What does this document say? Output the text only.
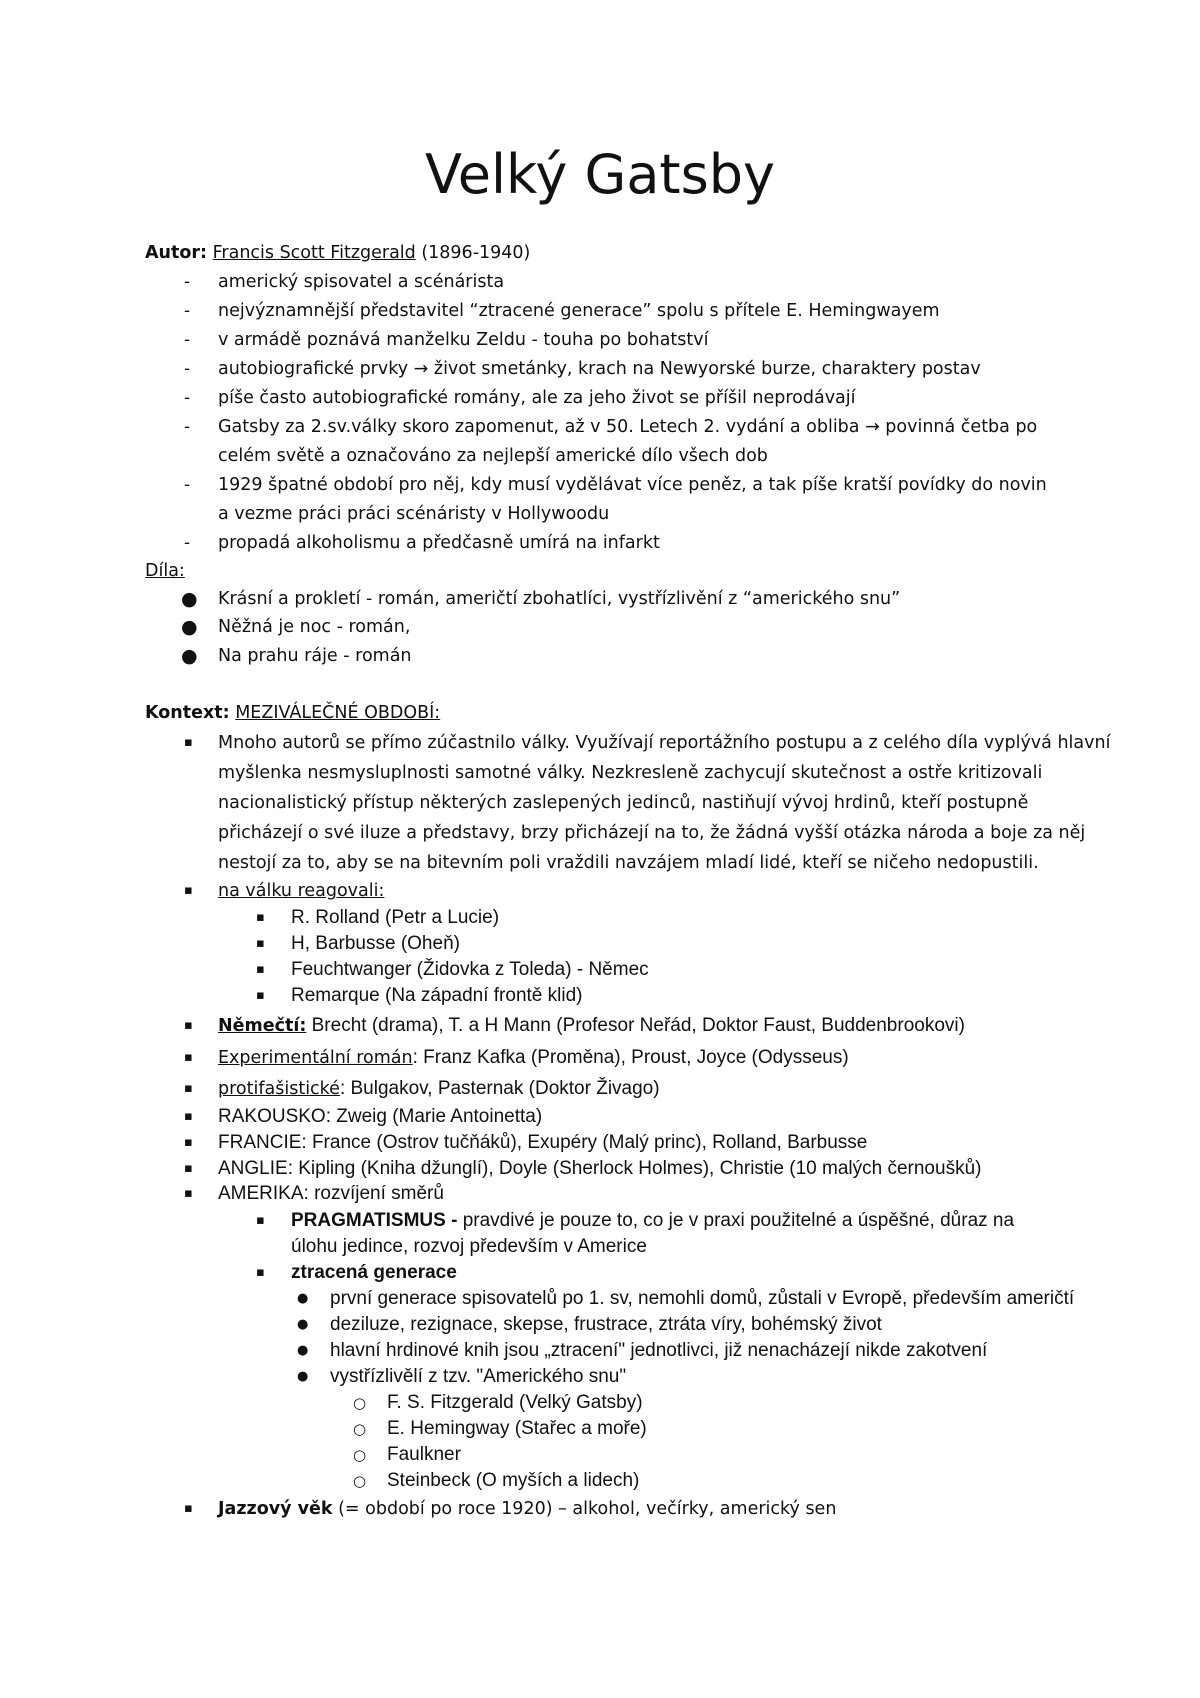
Velký Gatsby
Autor: Francis Scott Fitzgerald (1896-1940)
- americký spisovatel a scénárista
- nejvýznamnější představitel “ztracené generace” spolu s přítele E. Hemingwayem
- v armádě poznává manželku Zeldu - touha po bohatství
- autobiografické prvky → život smetánky, krach na Newyorské burze, charaktery postav
- píše často autobiografické romány, ale za jeho život se příšil neprodávají
- Gatsby za 2.sv.války skoro zapomenut, až v 50. Letech 2. vydání a obliba → povinná četba po
celém světě a označováno za nejlepší americké dílo všech dob
- 1929 špatné období pro něj, kdy musí vydělávat více peněz, a tak píše kratší povídky do novin
a vezme práci práci scénáristy v Hollywoodu
- propadá alkoholismu a předčasně umírá na infarkt
Díla:
● Krásní a prokletí - román, američtí zbohatlíci, vystřízlivění z “amerického snu”
● Něžná je noc - román,
● Na prahu ráje - román
Kontext: MEZIVÁLEČNÉ OBDOBÍ:
▪ Mnoho autorů se přímo zúčastnilo války. Využívají reportážního postupu a z celého díla vyplývá hlavní
myšlenka nesmysluplnosti samotné války. Nezkresleně zachycují skutečnost a ostře kritizovali
nacionalistický přístup některých zaslepených jedinců, nastiňují vývoj hrdinů, kteří postupně
přicházejí o své iluze a představy, brzy přicházejí na to, že žádná vyšší otázka národa a boje za něj
nestojí za to, aby se na bitevním poli vraždili navzájem mladí lidé, kteří se ničeho nedopustili.
▪ na válku reagovali:
▪ R. Rolland (Petr a Lucie)
▪ H, Barbusse (Oheň)
▪ Feuchtwanger (Židovka z Toleda) - Němec
▪ Remarque (Na západní frontě klid)
▪ Němečtí: Brecht (drama), T. a H Mann (Profesor Neřád, Doktor Faust, Buddenbrookovi)
▪ Experimentální román: Franz Kafka (Proměna), Proust, Joyce (Odysseus)
▪ protifašistické: Bulgakov, Pasternak (Doktor Živago)
▪ RAKOUSKO: Zweig (Marie Antoinetta)
▪ FRANCIE: France (Ostrov tučňáků), Exupéry (Malý princ), Rolland, Barbusse
▪ ANGLIE: Kipling (Kniha džunglí), Doyle (Sherlock Holmes), Christie (10 malých černoušků)
▪ AMERIKA: rozvíjení směrů
▪ PRAGMATISMUS - pravdivé je pouze to, co je v praxi použitelné a úspěšné, důraz na
úlohu jedince, rozvoj především v Americe
▪ ztracená generace
● první generace spisovatelů po 1. sv, nemohli domů, zůstali v Evropě, především američtí
● deziluze, rezignace, skepse, frustrace, ztráta víry, bohémský život
● hlavní hrdinové knih jsou „ztracení" jednotlivci, již nenacházejí nikde zakotvení
● vystřízlivělí z tzv. "Amerického snu"
○ F. S. Fitzgerald (Velký Gatsby)
○ E. Hemingway (Stařec a moře)
○ Faulkner
○ Steinbeck (O myších a lidech)
▪ Jazzový věk (= období po roce 1920) – alkohol, večírky, americký sen
